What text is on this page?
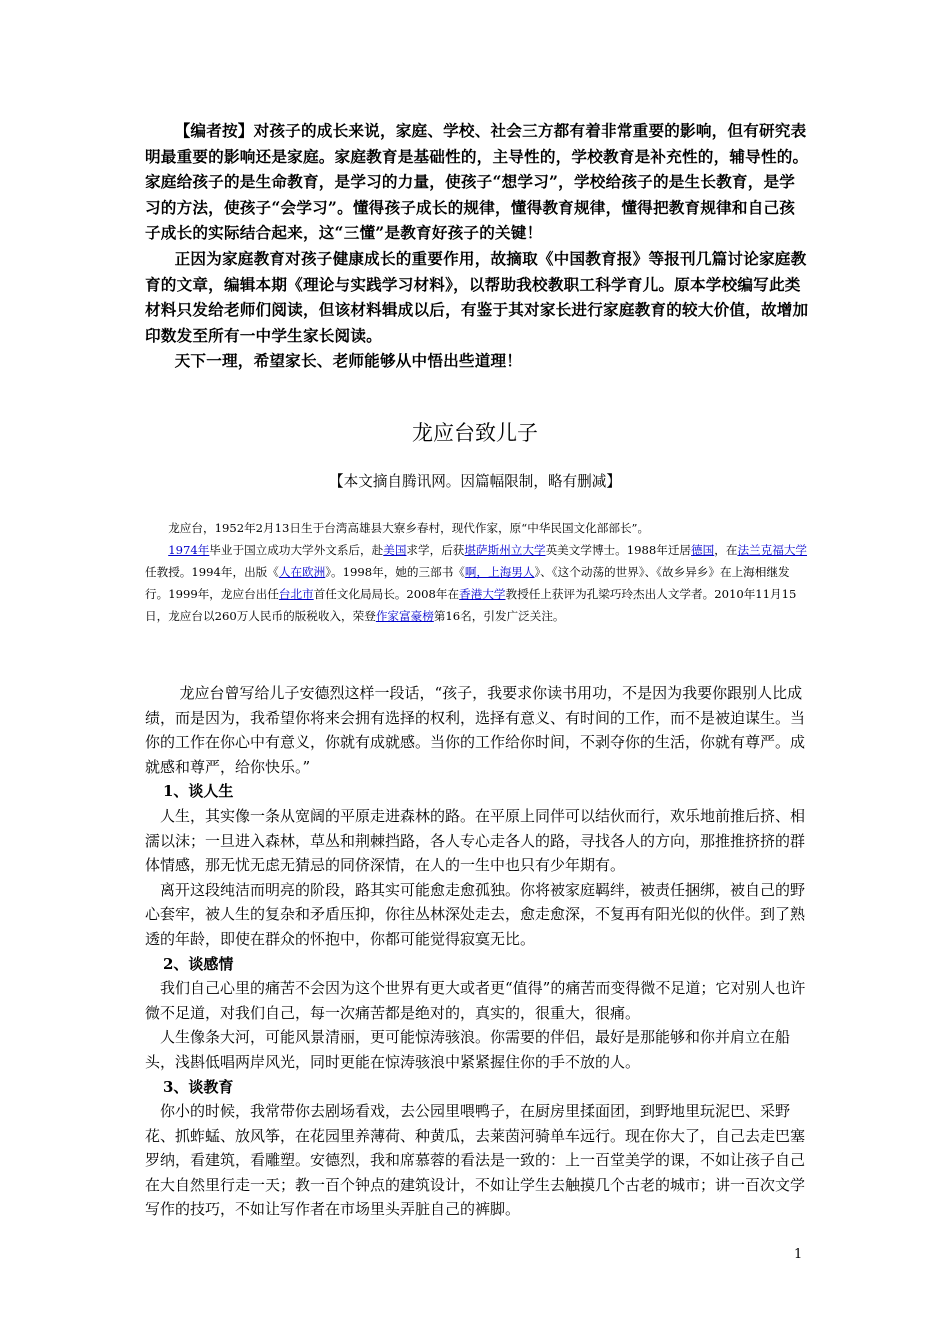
【编者按】对孩子的成长来说，家庭、学校、社会三方都有着非常重要的影响，但有研究表明最重要的影响还是家庭。家庭教育是基础性的，主导性的，学校教育是补充性的，辅导性的。家庭给孩子的是生命教育，是学习的力量，使孩子“想学习”，学校给孩子的是生长教育，是学习的方法，使孩子“会学习”。懂得孩子成长的规律，懂得教育规律，懂得把教育规律和自己孩子成长的实际结合起来，这“三懂”是教育好孩子的关键！

正因为家庭教育对孩子健康成长的重要作用，故摘取《中国教育报》等报刊几篇讨论家庭教育的文章，编辑本期《理论与实践学习材料》，以帮助我校教职工科学育儿。原本学校编写此类材料只发给老师们阅读，但该材料辑成以后，有鉴于其对家长进行家庭教育的较大价值，故增加印数发至所有一中学生家长阅读。

天下一理，希望家长、老师能够从中悟出些道理！

龙应台致儿子
【本文摘自腾讯网。因篇幅限制，略有删减】

龙应台，1952年2月13日生于台湾高雄县大寮乡春村，现代作家，原“中华民国文化部部长”。

1974年毕业于国立成功大学外文系后，赴美国求学，后获堪萨斯州立大学英美文学博士。1988年迁居德国，在法兰克福大学任教授。1994年，出版《人在欧洲》。1998年，她的三部书《啊，上海男人》、《这个动荡的世界》、《故乡异乡》在上海相继发行。1999年，龙应台出任台北市首任文化局局长。2008年在香港大学教授任上获评为孔梁巧玲杰出人文学者。2010年11月15日，龙应台以260万人民币的版税收入，荣登作家富豪榜第16名，引发广泛关注。

龙应台曾写给儿子安德烈这样一段话，“孩子，我要求你读书用功，不是因为我要你跟别人比成绩，而是因为，我希望你将来会拥有选择的权利，选择有意义、有时间的工作，而不是被迫谋生。当你的工作在你心中有意义，你就有成就感。当你的工作给你时间，不剥夺你的生活，你就有尊严。成就感和尊严，给你快乐。”

1、谈人生

人生，其实像一条从宽阔的平原走进森林的路。在平原上同伴可以结伙而行，欢乐地前推后挤、相濡以沫；一旦进入森林，草丛和荆棘挡路，各人专心走各人的路，寻找各人的方向，那推推挤挤的群体情感，那无忧无虑无猜忌的同侪深情，在人的一生中也只有少年期有。

离开这段纯洁而明亮的阶段，路其实可能愈走愈孤独。你将被家庭羁绊，被责任捆绑，被自己的野心套牢，被人生的复杂和矛盾压抑，你往丛林深处走去，愈走愈深，不复再有阳光似的伙伴。到了熟透的年龄，即使在群众的怀抱中，你都可能觉得寂寞无比。

2、谈感情

我们自己心里的痛苦不会因为这个世界有更大或者更“值得”的痛苦而变得微不足道；它对别人也许微不足道，对我们自己，每一次痛苦都是绝对的，真实的，很重大，很痛。

人生像条大河，可能风景清丽，更可能惊涛骇浪。你需要的伴侣，最好是那能够和你并肩立在船头，浅斟低唱两岸风光，同时更能在惊涛骇浪中紧紧握住你的手不放的人。

3、谈教育

你小的时候，我常带你去剧场看戏，去公园里喂鸭子，在厨房里揉面团，到野地里玩泥巴、采野花、抓蚱蜢、放风筝，在花园里养薄荷、种黄瓜，去莱茵河骑单车远行。现在你大了，自己去走巴塞罗纳，看建筑，看雕塑。安德烈，我和席慕蓉的看法是一致的：上一百堂美学的课，不如让孩子自己在大自然里行走一天；教一百个钟点的建筑设计，不如让学生去触摸几个古老的城市；讲一百次文学写作的技巧，不如让写作者在市场里头弄脏自己的裤脚。

1
